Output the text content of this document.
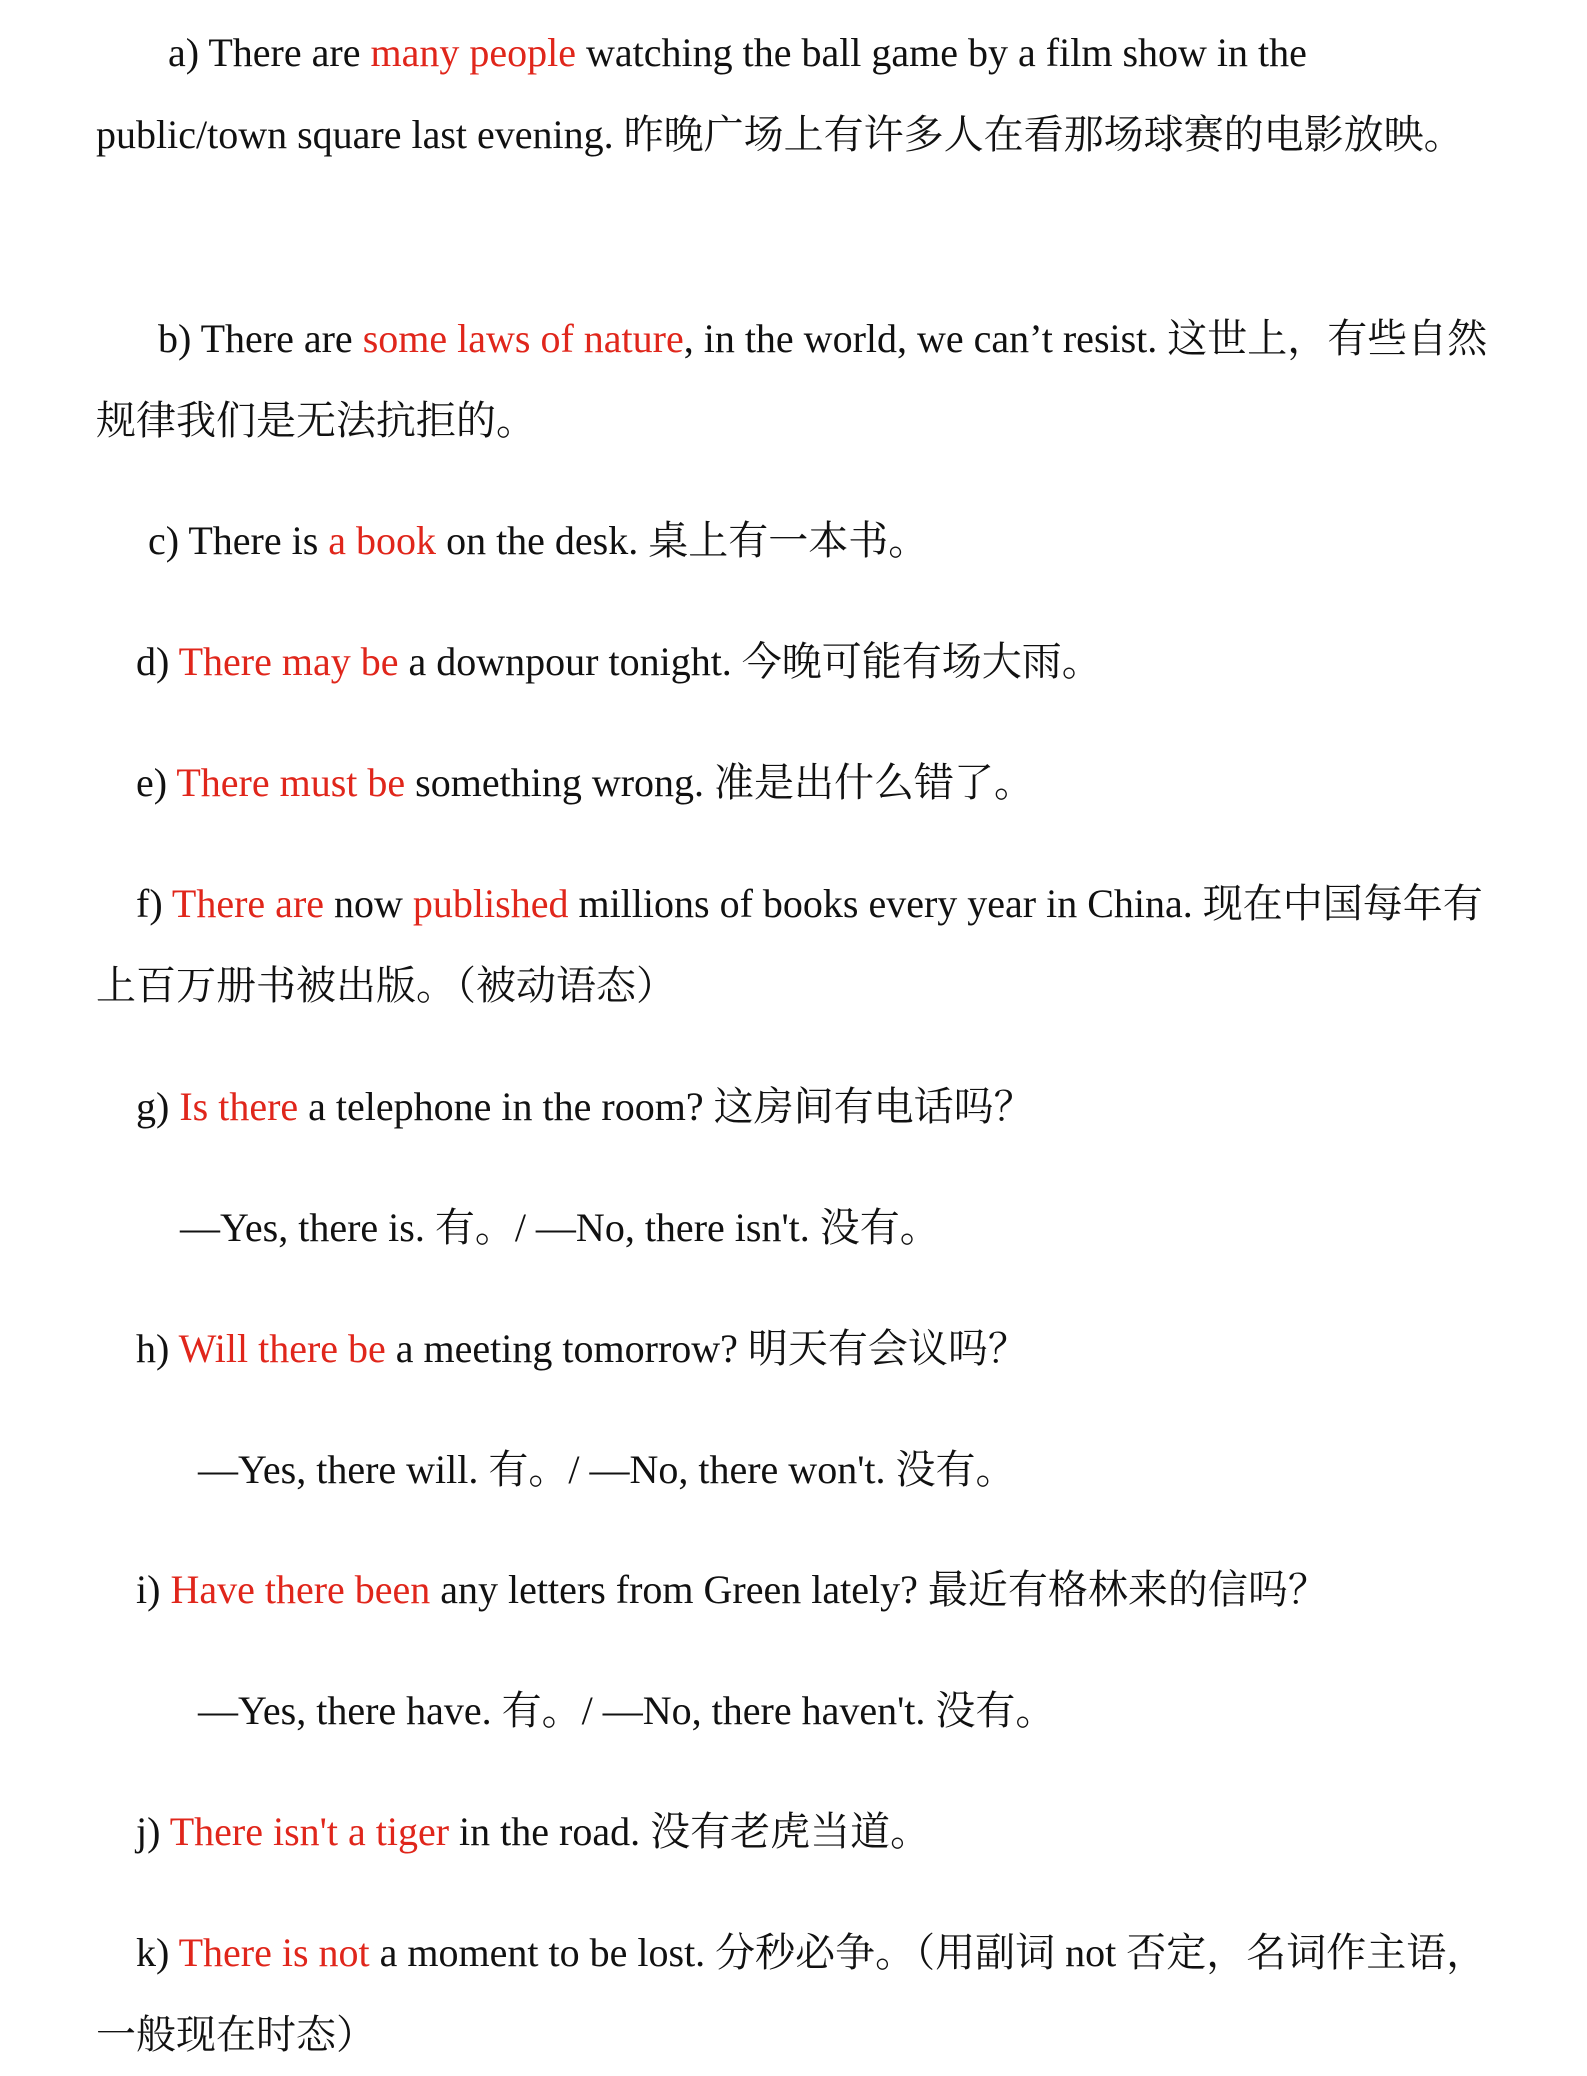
a) There are many people watching the ball game by a film show in the public/town square last evening. 昨晚广场上有许多人在看那场球赛的电影放映。

b) There are some laws of nature, in the world, we can’t resist. 这世上，有些自然规律我们是无法抗拒的。

c) There is a book on the desk. 桌上有一本书。

d) There may be a downpour tonight. 今晚可能有场大雨。

e) There must be something wrong. 准是出什么错了。

f) There are now published millions of books every year in China. 现在中国每年有上百万册书被出版。（被动语态）

g) Is there a telephone in the room? 这房间有电话吗？

—Yes, there is. 有。/ —No, there isn't. 没有。

h) Will there be a meeting tomorrow? 明天有会议吗？

—Yes, there will. 有。/ —No, there won't. 没有。

i) Have there been any letters from Green lately? 最近有格林来的信吗？

—Yes, there have. 有。/ —No, there haven't. 没有。

j) There isn't a tiger in the road. 没有老虎当道。

k) There is not a moment to be lost. 分秒必争。（用副词 not 否定，名词作主语，一般现在时态）
